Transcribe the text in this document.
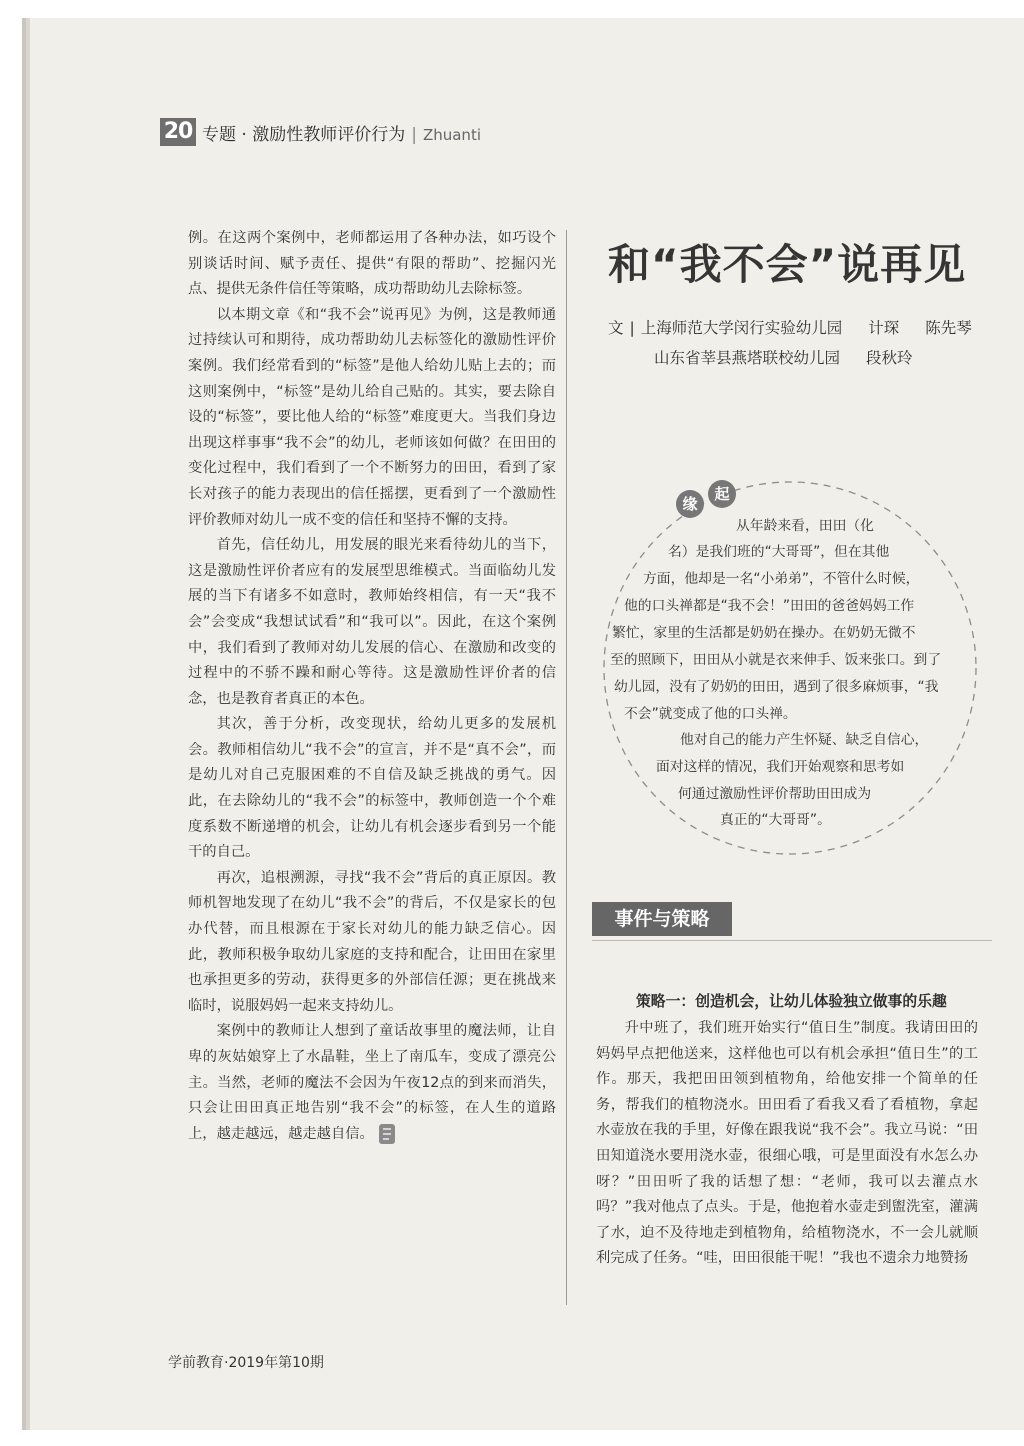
20 专题 · 激励性教师评价行为 | Zhuanti

例。在这两个案例中，老师都运用了各种办法，如巧设个别谈话时间、赋予责任、提供“有限的帮助”、挖掘闪光点、提供无条件信任等策略，成功帮助幼儿去除标签。

以本期文章《和“我不会”说再见》为例，这是教师通过持续认可和期待，成功帮助幼儿去标签化的激励性评价案例。我们经常看到的“标签”是他人给幼儿贴上去的；而这则案例中，“标签”是幼儿给自己贴的。其实，要去除自设的“标签”，要比他人给的“标签”难度更大。当我们身边出现这样事事“我不会”的幼儿，老师该如何做？在田田的变化过程中，我们看到了一个不断努力的田田，看到了家长对孩子的能力表现出的信任摇摆，更看到了一个激励性评价教师对幼儿一成不变的信任和坚持不懈的支持。

首先，信任幼儿，用发展的眼光来看待幼儿的当下，这是激励性评价者应有的发展型思维模式。当面临幼儿发展的当下有诸多不如意时，教师始终相信，有一天“我不会”会变成“我想试试看”和“我可以”。因此，在这个案例中，我们看到了教师对幼儿发展的信心、在激励和改变的过程中的不骄不躁和耐心等待。这是激励性评价者的信念，也是教育者真正的本色。

其次，善于分析，改变现状，给幼儿更多的发展机会。教师相信幼儿“我不会”的宣言，并不是“真不会”，而是幼儿对自己克服困难的不自信及缺乏挑战的勇气。因此，在去除幼儿的“我不会”的标签中，教师创造一个个难度系数不断递增的机会，让幼儿有机会逐步看到另一个能干的自己。

再次，追根溯源，寻找“我不会”背后的真正原因。教师机智地发现了在幼儿“我不会”的背后，不仅是家长的包办代替，而且根源在于家长对幼儿的能力缺乏信心。因此，教师积极争取幼儿家庭的支持和配合，让田田在家里也承担更多的劳动，获得更多的外部信任源；更在挑战来临时，说服妈妈一起来支持幼儿。

案例中的教师让人想到了童话故事里的魔法师，让自卑的灰姑娘穿上了水晶鞋，坐上了南瓜车，变成了漂亮公主。当然，老师的魔法不会因为午夜12点的到来而消失，只会让田田真正地告别“我不会”的标签，在人生的道路上，越走越远，越走越自信。

和“我不会”说再见
文 | 上海师范大学闵行实验幼儿园 计琛 陈先琴
山东省莘县燕塔联校幼儿园 段秋玲
缘
起
从年龄来看，田田（化
名）是我们班的“大哥哥”，但在其他
方面，他却是一名“小弟弟”，不管什么时候，
他的口头禅都是“我不会！”田田的爸爸妈妈工作
繁忙，家里的生活都是奶奶在操办。在奶奶无微不
至的照顾下，田田从小就是衣来伸手、饭来张口。到了
幼儿园，没有了奶奶的田田，遇到了很多麻烦事，“我
不会”就变成了他的口头禅。
他对自己的能力产生怀疑、缺乏自信心，
面对这样的情况，我们开始观察和思考如
何通过激励性评价帮助田田成为
真正的“大哥哥”。
事件与策略
策略一：创造机会，让幼儿体验独立做事的乐趣

升中班了，我们班开始实行“值日生”制度。我请田田的妈妈早点把他送来，这样他也可以有机会承担“值日生”的工作。那天，我把田田领到植物角，给他安排一个简单的任务，帮我们的植物浇水。田田看了看我又看了看植物，拿起水壶放在我的手里，好像在跟我说“我不会”。我立马说：“田田知道浇水要用浇水壶，很细心哦，可是里面没有水怎么办呀？”田田听了我的话想了想：“老师，我可以去灌点水吗？”我对他点了点头。于是，他抱着水壶走到盥洗室，灌满了水，迫不及待地走到植物角，给植物浇水，不一会儿就顺利完成了任务。“哇，田田很能干呢！”我也不遗余力地赞扬

学前教育·2019年第10期
